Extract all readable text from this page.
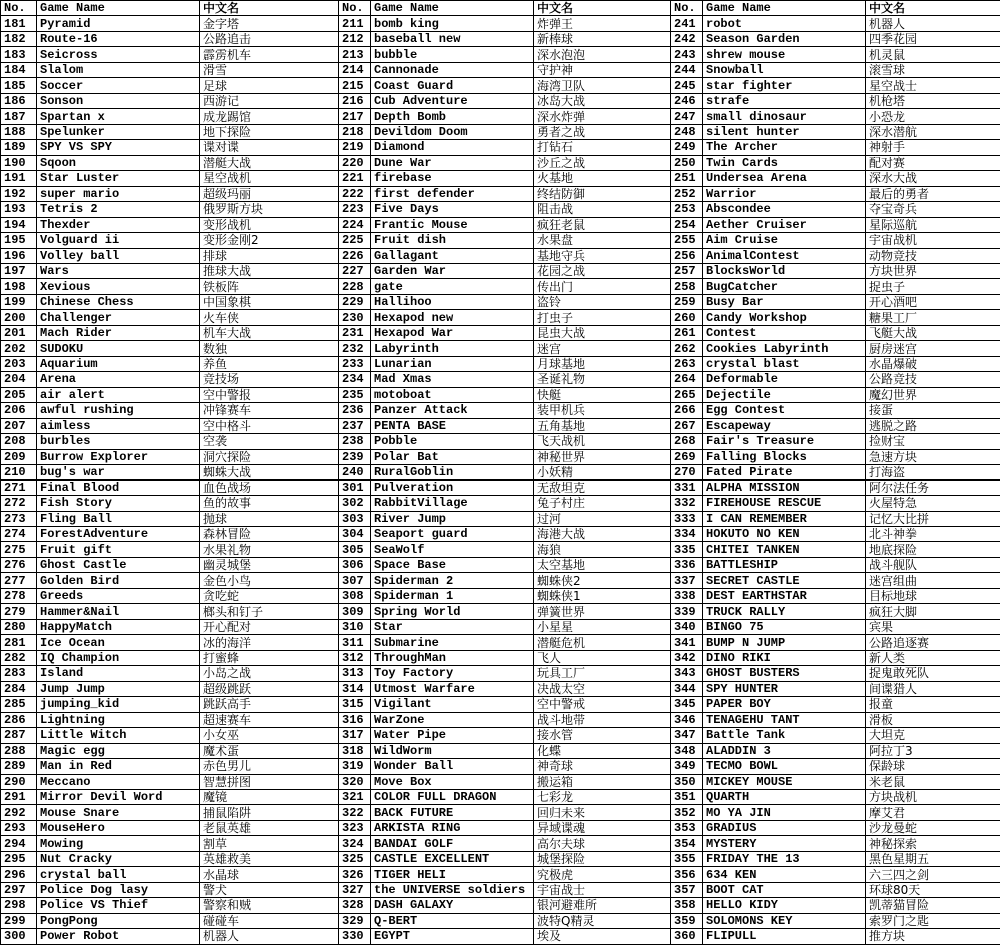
No.	Game Name	中文名	No.	Game Name	中文名	No.	Game Name	中文名
181	Pyramid	金字塔	211	bomb king	炸弹王	241	robot	机器人
182	Route-16	公路追击	212	baseball new	新棒球	242	Season Garden	四季花园
183	Seicross	霹雳机车	213	bubble	深水泡泡	243	shrew mouse	机灵鼠
184	Slalom	滑雪	214	Cannonade	守护神	244	Snowball	滚雪球
185	Soccer	足球	215	Coast Guard	海湾卫队	245	star fighter	星空战士
186	Sonson	西游记	216	Cub Adventure	冰岛大战	246	strafe	机枪塔
187	Spartan x	成龙踢馆	217	Depth Bomb	深水炸弹	247	small dinosaur	小恐龙
188	Spelunker	地下探险	218	Devildom Doom	勇者之战	248	silent hunter	深水潜航
189	SPY VS SPY	谍对谍	219	Diamond	打钻石	249	The Archer	神射手
190	Sqoon	潜艇大战	220	Dune War	沙丘之战	250	Twin Cards	配对赛
191	Star Luster	星空战机	221	firebase	火基地	251	Undersea Arena	深水大战
192	super mario	超级玛丽	222	first defender	终结防御	252	Warrior	最后的勇者
193	Tetris 2	俄罗斯方块	223	Five Days	阻击战	253	Abscondee	夺宝奇兵
194	Thexder	变形战机	224	Frantic Mouse	疯狂老鼠	254	Aether Cruiser	星际巡航
195	Volguard ii	变形金刚2	225	Fruit dish	水果盘	255	Aim Cruise	宇宙战机
196	Volley ball	排球	226	Gallagant	基地守兵	256	AnimalContest	动物竞技
197	Wars	推球大战	227	Garden War	花园之战	257	BlocksWorld	方块世界
198	Xevious	铁板阵	228	gate	传出门	258	BugCatcher	捉虫子
199	Chinese Chess	中国象棋	229	Hallihoo	盗铃	259	Busy Bar	开心酒吧
200	Challenger	火车侠	230	Hexapod new	打虫子	260	Candy Workshop	糖果工厂
201	Mach Rider	机车大战	231	Hexapod War	昆虫大战	261	Contest	飞艇大战
202	SUDOKU	数独	232	Labyrinth	迷宫	262	Cookies Labyrinth	厨房迷宫
203	Aquarium	养鱼	233	Lunarian	月球基地	263	crystal blast	水晶爆破
204	Arena	竞技场	234	Mad Xmas	圣诞礼物	264	Deformable	公路竞技
205	air alert	空中警报	235	motoboat	快艇	265	Dejectile	魔幻世界
206	awful rushing	冲锋赛车	236	Panzer Attack	装甲机兵	266	Egg Contest	接蛋
207	aimless	空中格斗	237	PENTA BASE	五角基地	267	Escapeway	逃脱之路
208	burbles	空袭	238	Pobble	飞天战机	268	Fair's Treasure	捡财宝
209	Burrow Explorer	洞穴探险	239	Polar Bat	神秘世界	269	Falling Blocks	急速方块
210	bug's war	蜘蛛大战	240	RuralGoblin	小妖精	270	Fated Pirate	打海盗
271	Final Blood	血色战场	301	Pulveration	无敌坦克	331	ALPHA MISSION	阿尔法任务
272	Fish Story	鱼的故事	302	RabbitVillage	兔子村庄	332	FIREHOUSE RESCUE	火屋特急
273	Fling Ball	抛球	303	River Jump	过河	333	I CAN REMEMBER	记忆大比拼
274	ForestAdventure	森林冒险	304	Seaport guard	海港大战	334	HOKUTO NO KEN	北斗神拳
275	Fruit gift	水果礼物	305	SeaWolf	海狼	335	CHITEI TANKEN	地底探险
276	Ghost Castle	幽灵城堡	306	Space Base	太空基地	336	BATTLESHIP	战斗舰队
277	Golden Bird	金色小鸟	307	Spiderman 2	蜘蛛侠2	337	SECRET CASTLE	迷宫组曲
278	Greeds	贪吃蛇	308	Spiderman 1	蜘蛛侠1	338	DEST EARTHSTAR	目标地球
279	Hammer&Nail	榔头和钉子	309	Spring World	弹簧世界	339	TRUCK RALLY	疯狂大脚
280	HappyMatch	开心配对	310	Star	小星星	340	BINGO 75	宾果
281	Ice Ocean	冰的海洋	311	Submarine	潜艇危机	341	BUMP N JUMP	公路追逐赛
282	IQ Champion	打蜜蜂	312	ThroughMan	飞人	342	DINO RIKI	新人类
283	Island	小岛之战	313	Toy Factory	玩具工厂	343	GHOST BUSTERS	捉鬼敢死队
284	Jump Jump	超级跳跃	314	Utmost Warfare	决战太空	344	SPY HUNTER	间谍猎人
285	jumping_kid	跳跃高手	315	Vigilant	空中警戒	345	PAPER BOY	报童
286	Lightning	超速赛车	316	WarZone	战斗地带	346	TENAGEHU TANT	滑板
287	Little Witch	小女巫	317	Water Pipe	接水管	347	Battle Tank	大坦克
288	Magic egg	魔术蛋	318	WildWorm	化蝶	348	ALADDIN 3	阿拉丁3
289	Man in Red	赤色男儿	319	Wonder Ball	神奇球	349	TECMO BOWL	保龄球
290	Meccano	智慧拼图	320	Move Box	搬运箱	350	MICKEY MOUSE	米老鼠
291	Mirror Devil Word	魔镜	321	COLOR FULL DRAGON	七彩龙	351	QUARTH	方块战机
292	Mouse Snare	捕鼠陷阱	322	BACK FUTURE	回归未来	352	MO YA JIN	摩艾君
293	MouseHero	老鼠英雄	323	ARKISTA RING	异域谍魂	353	GRADIUS	沙龙曼蛇
294	Mowing	割草	324	BANDAI GOLF	高尔夫球	354	MYSTERY	神秘探索
295	Nut Cracky	英雄救美	325	CASTLE EXCELLENT	城堡探险	355	FRIDAY THE 13	黑色星期五
296	crystal ball	水晶球	326	TIGER HELI	究极虎	356	634 KEN	六三四之剑
297	Police Dog lasy	警犬	327	the UNIVERSE soldiers	宇宙战士	357	BOOT CAT	环球80天
298	Police VS Thief	警察和贼	328	DASH GALAXY	银河避难所	358	HELLO KIDY	凯蒂猫冒险
299	PongPong	碰碰车	329	Q-BERT	波特Q精灵	359	SOLOMONS KEY	索罗门之匙
300	Power Robot	机器人	330	EGYPT	埃及	360	FLIPULL	推方块
